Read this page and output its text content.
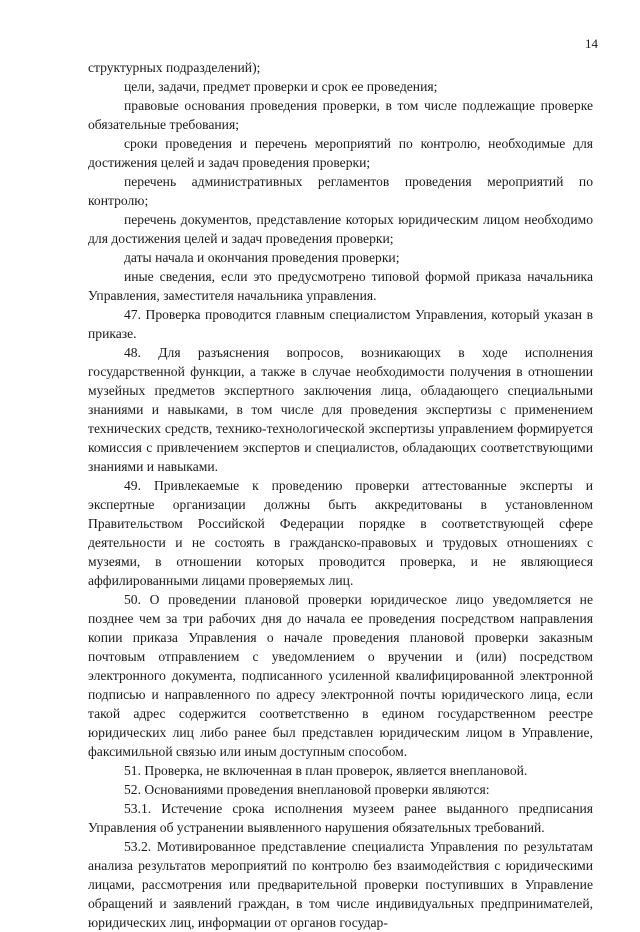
14

структурных подразделений);

цели, задачи, предмет проверки и срок ее проведения;

правовые основания проведения проверки, в том числе подлежащие проверке обязательные требования;

сроки проведения и перечень мероприятий по контролю, необходимые для достижения целей и задач проведения проверки;

перечень административных регламентов проведения мероприятий по контролю;

перечень документов, представление которых юридическим лицом необходимо для достижения целей и задач проведения проверки;

даты начала и окончания проведения проверки;

иные сведения, если это предусмотрено типовой формой приказа начальника Управления, заместителя начальника управления.

47. Проверка проводится главным специалистом Управления, который указан в приказе.

48. Для разъяснения вопросов, возникающих в ходе исполнения государственной функции, а также в случае необходимости получения в отношении музейных предметов экспертного заключения лица, обладающего специальными знаниями и навыками, в том числе для проведения экспертизы с применением технических средств, технико-технологической экспертизы управлением формируется комиссия с привлечением экспертов и специалистов, обладающих соответствующими знаниями и навыками.

49. Привлекаемые к проведению проверки аттестованные эксперты и экспертные организации должны быть аккредитованы в установленном Правительством Российской Федерации порядке в соответствующей сфере деятельности и не состоять в гражданско-правовых и трудовых отношениях с музеями, в отношении которых проводится проверка, и не являющиеся аффилированными лицами проверяемых лиц.

50. О проведении плановой проверки юридическое лицо уведомляется не позднее чем за три рабочих дня до начала ее проведения посредством направления копии приказа Управления о начале проведения плановой проверки заказным почтовым отправлением с уведомлением о вручении и (или) посредством электронного документа, подписанного усиленной квалифицированной электронной подписью и направленного по адресу электронной почты юридического лица, если такой адрес содержится соответственно в едином государственном реестре юридических лиц либо ранее был представлен юридическим лицом в Управление, факсимильной связью или иным доступным способом.

51. Проверка, не включенная в план проверок, является внеплановой.

52. Основаниями проведения внеплановой проверки являются:

53.1. Истечение срока исполнения музеем ранее выданного предписания Управления об устранении выявленного нарушения обязательных требований.

53.2. Мотивированное представление специалиста Управления по результатам анализа результатов мероприятий по контролю без взаимодействия с юридическими лицами, рассмотрения или предварительной проверки поступивших в Управление обращений и заявлений граждан, в том числе индивидуальных предпринимателей, юридических лиц, информации от органов государ-
